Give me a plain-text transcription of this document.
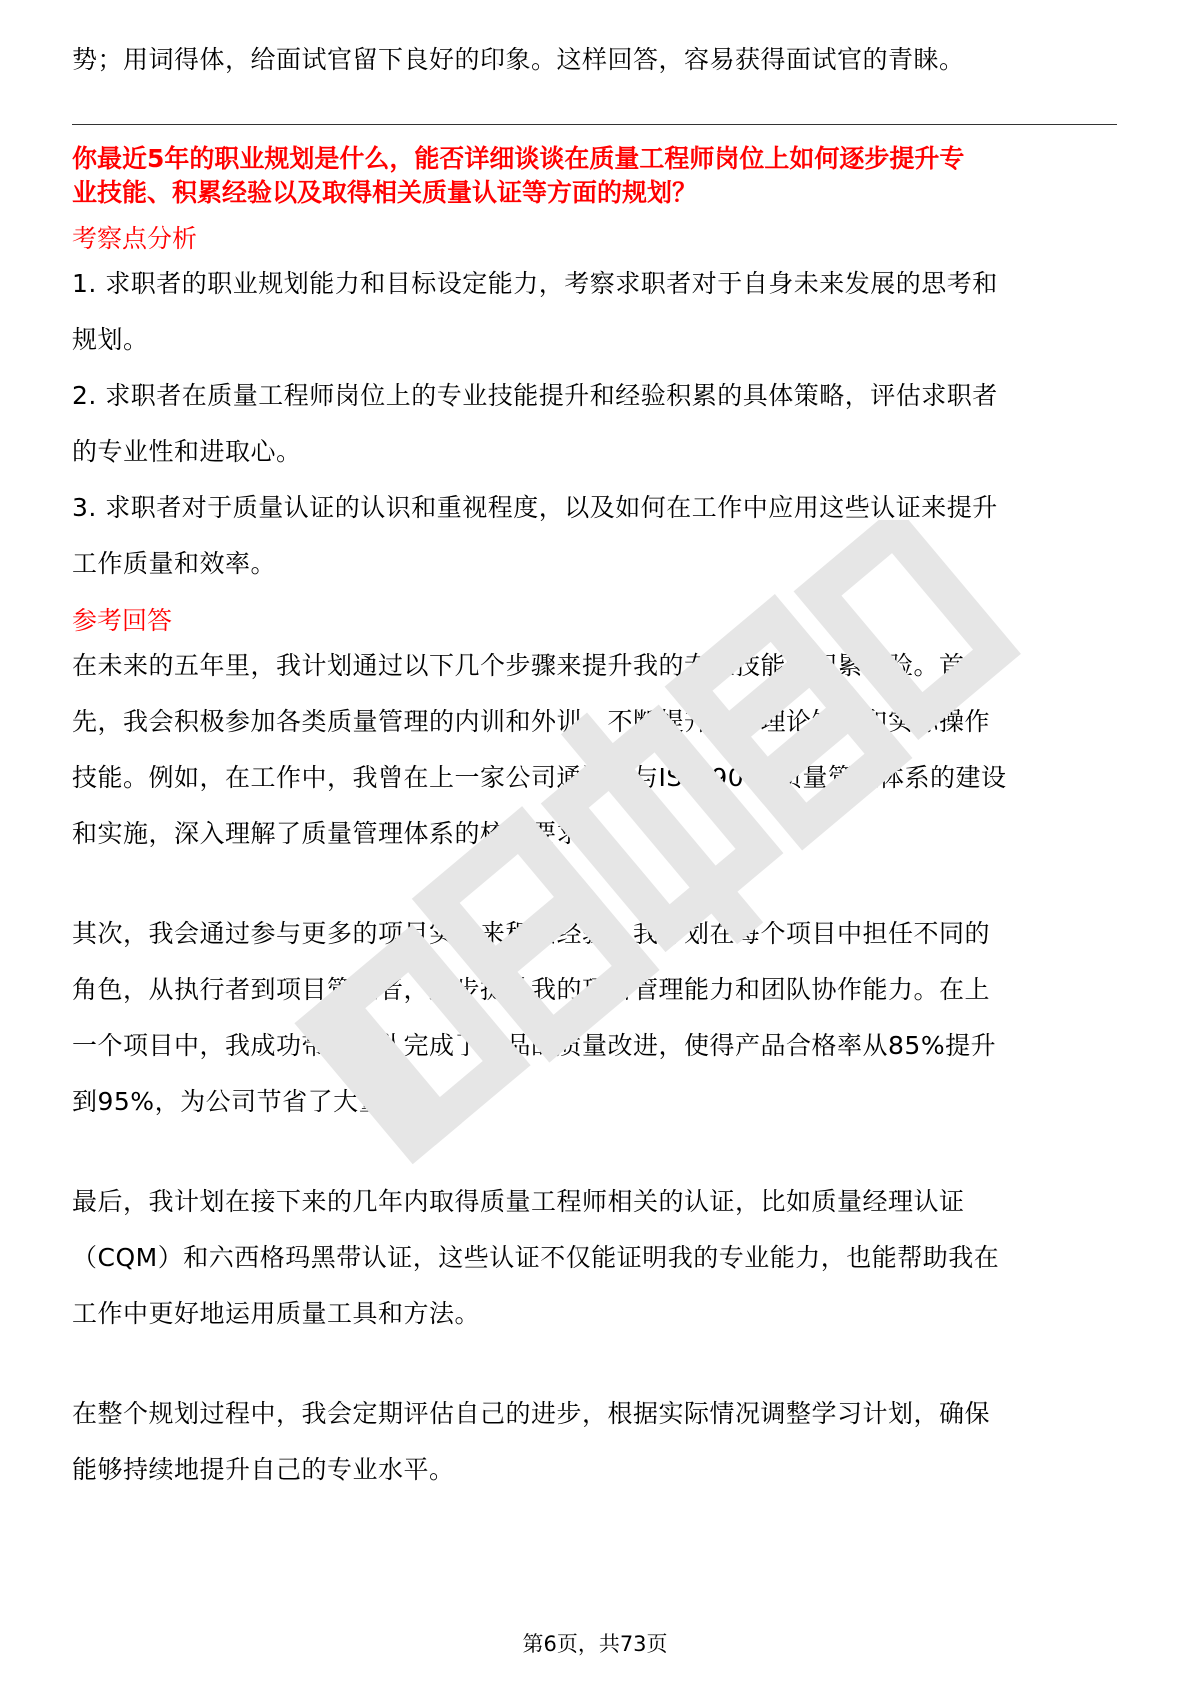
势；用词得体，给面试官留下良好的印象。这样回答，容易获得面试官的青睐。
你最近5年的职业规划是什么，能否详细谈谈在质量工程师岗位上如何逐步提升专
业技能、积累经验以及取得相关质量认证等方面的规划？
考察点分析
1. 求职者的职业规划能力和目标设定能力，考察求职者对于自身未来发展的思考和
规划。
2. 求职者在质量工程师岗位上的专业技能提升和经验积累的具体策略，评估求职者
的专业性和进取心。
3. 求职者对于质量认证的认识和重视程度，以及如何在工作中应用这些认证来提升
工作质量和效率。
参考回答
在未来的五年里，我计划通过以下几个步骤来提升我的专业技能和积累经验。首
先，我会积极参加各类质量管理的内训和外训，不断提升我的理论知识和实际操作
技能。例如，在工作中，我曾在上一家公司通过参与ISO 9001质量管理体系的建设
和实施，深入理解了质量管理体系的核心要求。
其次，我会通过参与更多的项目实践来积累经验。我计划在每个项目中担任不同的
角色，从执行者到项目管理者，逐步提升我的项目管理能力和团队协作能力。在上
一个项目中，我成功带领团队完成了产品的质量改进，使得产品合格率从85%提升
到95%，为公司节省了大量成本。
最后，我计划在接下来的几年内取得质量工程师相关的认证，比如质量经理认证
（CQM）和六西格玛黑带认证，这些认证不仅能证明我的专业能力，也能帮助我在
工作中更好地运用质量工具和方法。
在整个规划过程中，我会定期评估自己的进步，根据实际情况调整学习计划，确保
能够持续地提升自己的专业水平。
第6页，共73页
